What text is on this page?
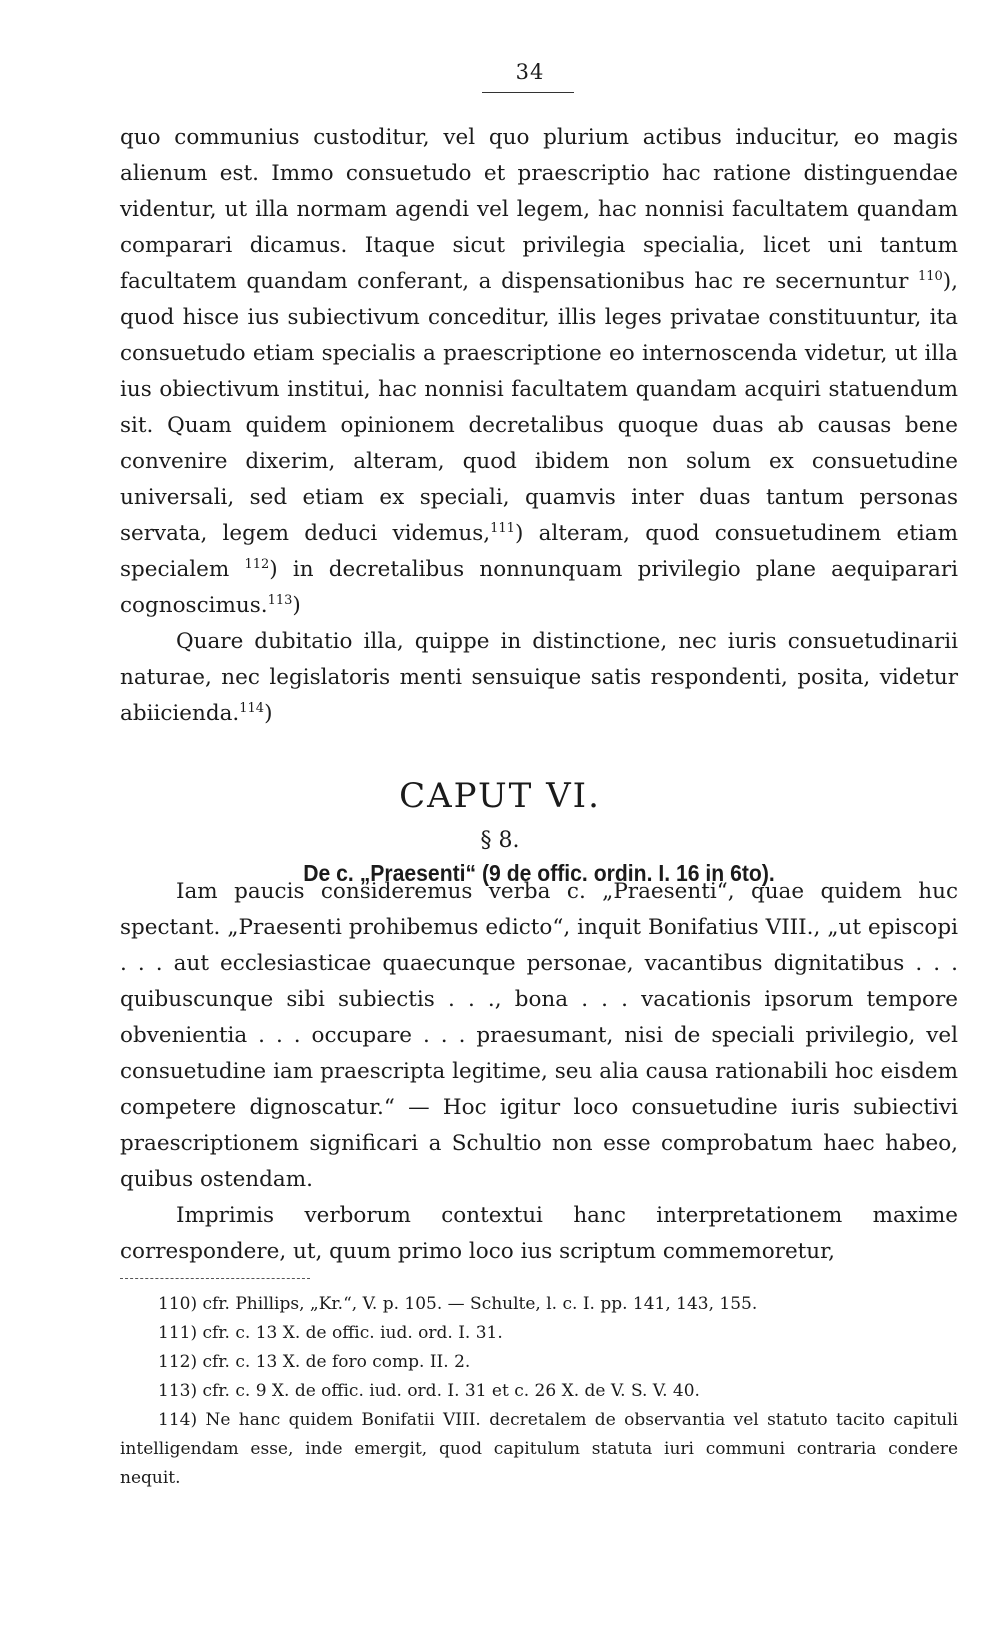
34

quo communius custoditur, vel quo plurium actibus inducitur, eo magis alienum est. Immo consuetudo et praescriptio hac ratione distinguendae videntur, ut illa normam agendi vel legem, hac nonnisi facultatem quandam comparari dicamus. Itaque sicut privilegia specialia, licet uni tantum facultatem quandam conferant, a dispensationibus hac re secernuntur $^{110}$), quod hisce ius subiectivum conceditur, illis leges privatae constituuntur, ita consuetudo etiam specialis a praescriptione eo internoscenda videtur, ut illa ius obiectivum institui, hac nonnisi facultatem quandam acquiri statuendum sit. Quam quidem opinionem decretalibus quoque duas ab causas bene convenire dixerim, alteram, quod ibidem non solum ex consuetudine universali, sed etiam ex speciali, quamvis inter duas tantum personas servata, legem deduci videmus,$^{111}$) alteram, quod consuetudinem etiam specialem $^{112}$) in decretalibus nonnunquam privilegio plane aequiparari cognoscimus.$^{113}$)

Quare dubitatio illa, quippe in distinctione, nec iuris consuetudinarii naturae, nec legislatoris menti sensuique satis respondenti, posita, videtur abiicienda.$^{114}$)

CAPUT VI.
§ 8.
De c. „Praesenti“ (9 de offic. ordin. I. 16 in 6to).

Iam paucis consideremus verba c. „Praesenti“, quae quidem huc spectant. „Praesenti prohibemus edicto“, inquit Bonifatius VIII., „ut episcopi . . . aut ecclesiasticae quaecunque personae, vacantibus dignitatibus . . . quibuscunque sibi subiectis . . ., bona . . . vacationis ipsorum tempore obvenientia . . . occupare . . . praesumant, nisi de speciali privilegio, vel consuetudine iam praescripta legitime, seu alia causa rationabili hoc eisdem competere dignoscatur.“ — Hoc igitur loco consuetudine iuris subiectivi praescriptionem significari a Schultio non esse comprobatum haec habeo, quibus ostendam.

Imprimis verborum contextui hanc interpretationem maxime correspondere, ut, quum primo loco ius scriptum commemoretur,

110) cfr. Phillips, „Kr.“, V. p. 105. — Schulte, l. c. I. pp. 141, 143, 155.

111) cfr. c. 13 X. de offic. iud. ord. I. 31.

112) cfr. c. 13 X. de foro comp. II. 2.

113) cfr. c. 9 X. de offic. iud. ord. I. 31 et c. 26 X. de V. S. V. 40.

114) Ne hanc quidem Bonifatii VIII. decretalem de observantia vel statuto tacito capituli intelligendam esse, inde emergit, quod capitulum statuta iuri communi contraria condere nequit.
